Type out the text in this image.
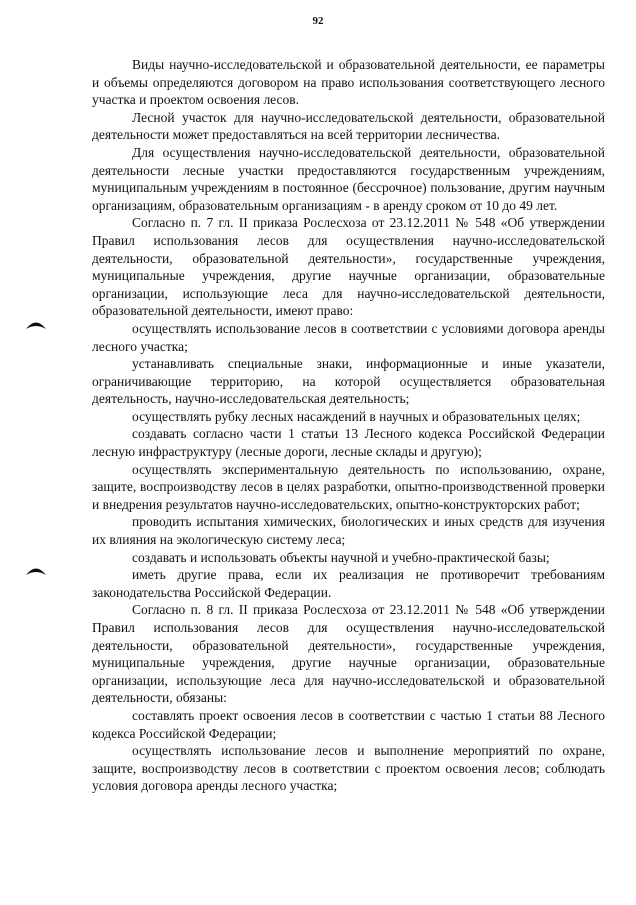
92

Виды научно-исследовательской и образовательной деятельности, ее параметры и объемы определяются договором на право использования соответствующего лесного участка и проектом освоения лесов.

Лесной участок для научно-исследовательской деятельности, образовательной деятельности может предоставляться на всей территории лесничества.

Для осуществления научно-исследовательской деятельности, образовательной деятельности лесные участки предоставляются государственным учреждениям, муниципальным учреждениям в постоянное (бессрочное) пользование, другим научным организациям, образовательным организациям - в аренду сроком от 10 до 49 лет.

Согласно п. 7 гл. II приказа Рослесхоза от 23.12.2011 № 548 «Об утверждении Правил использования лесов для осуществления научно-исследовательской деятельности, образовательной деятельности», государственные учреждения, муниципальные учреждения, другие научные организации, образовательные организации, использующие леса для научно-исследовательской деятельности, образовательной деятельности, имеют право:

осуществлять использование лесов в соответствии с условиями договора аренды лесного участка;

устанавливать специальные знаки, информационные и иные указатели, ограничивающие территорию, на которой осуществляется образовательная деятельность, научно-исследовательская деятельность;

осуществлять рубку лесных насаждений в научных и образовательных целях;

создавать согласно части 1 статьи 13 Лесного кодекса Российской Федерации лесную инфраструктуру (лесные дороги, лесные склады и другую);

осуществлять экспериментальную деятельность по использованию, охране, защите, воспроизводству лесов в целях разработки, опытно-производственной проверки и внедрения результатов научно-исследовательских, опытно-конструкторских работ;

проводить испытания химических, биологических и иных средств для изучения их влияния на экологическую систему леса;

создавать и использовать объекты научной и учебно-практической базы;

иметь другие права, если их реализация не противоречит требованиям законодательства Российской Федерации.

Согласно п. 8 гл. II приказа Рослесхоза от 23.12.2011 № 548 «Об утверждении Правил использования лесов для осуществления научно-исследовательской деятельности, образовательной деятельности», государственные учреждения, муниципальные учреждения, другие научные организации, образовательные организации, использующие леса для научно-исследовательской и образовательной деятельности, обязаны:

составлять проект освоения лесов в соответствии с частью 1 статьи 88 Лесного кодекса Российской Федерации;

осуществлять использование лесов и выполнение мероприятий по охране, защите, воспроизводству лесов в соответствии с проектом освоения лесов; соблюдать условия договора аренды лесного участка;
